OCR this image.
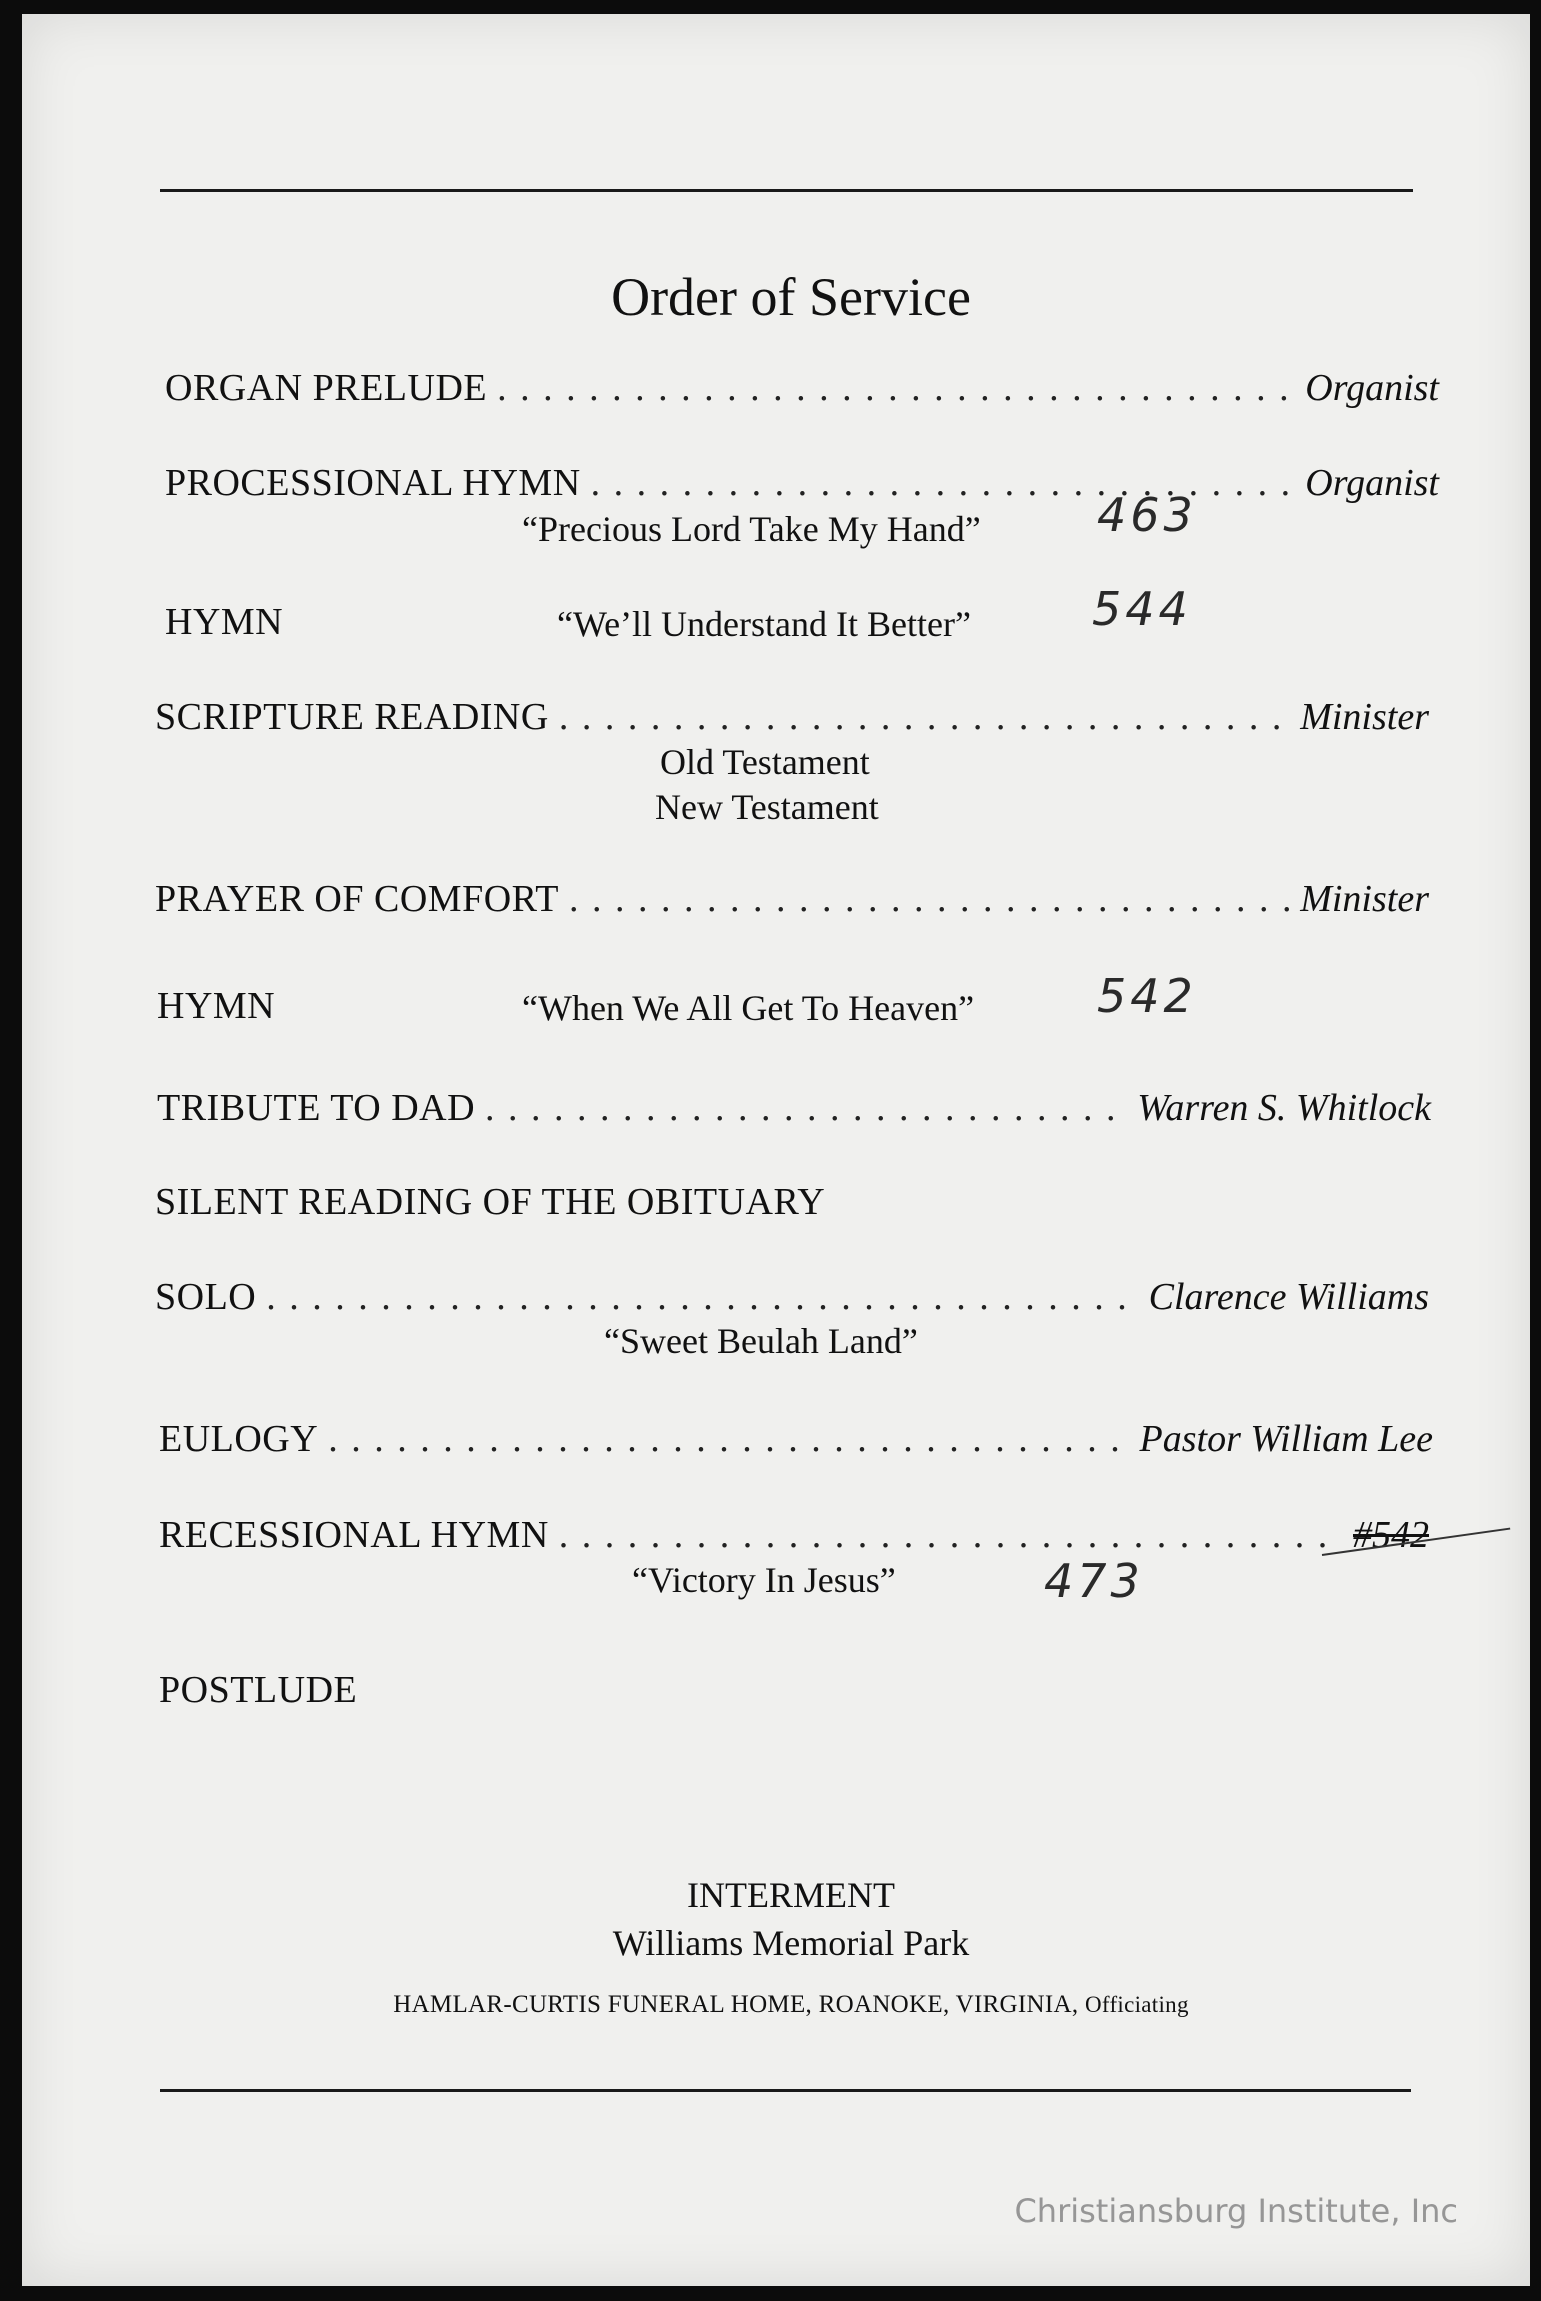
Order of Service
ORGAN PRELUDE . . .	Organist
PROCESSIONAL HYMN . . .	Organist
“Precious Lord Take My Hand”	463
HYMN	“We’ll Understand It Better”	544
SCRIPTURE READING . . .	Minister
Old Testament
New Testament
PRAYER OF COMFORT . . .	Minister
HYMN	“When We All Get To Heaven”	542
TRIBUTE TO DAD . . .	Warren S. Whitlock
SILENT READING OF THE OBITUARY
SOLO . . .	Clarence Williams
“Sweet Beulah Land”
EULOGY . . .	Pastor William Lee
RECESSIONAL HYMN . . .	#542
“Victory In Jesus”	473
POSTLUDE
INTERMENT
Williams Memorial Park
HAMLAR-CURTIS FUNERAL HOME, ROANOKE, VIRGINIA, Officiating
Christiansburg Institute, Inc
